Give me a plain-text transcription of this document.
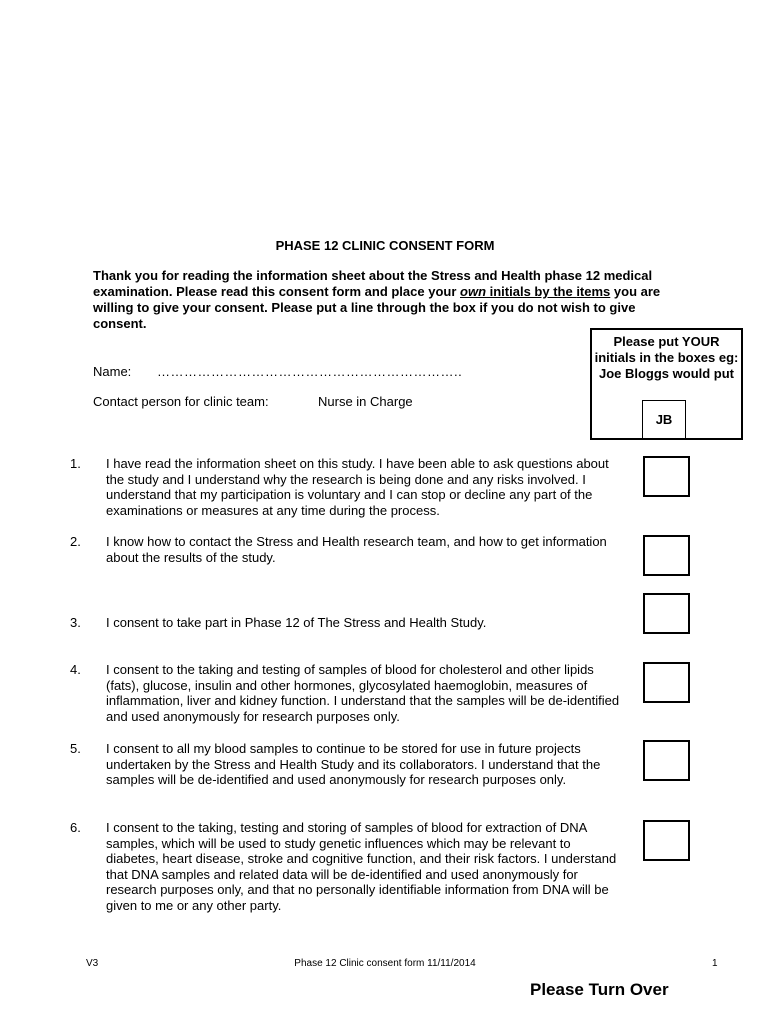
PHASE 12 CLINIC CONSENT FORM
Thank you for reading the information sheet about the Stress and Health phase 12 medical examination. Please read this consent form and place your own initials by the items you are willing to give your consent. Please put a line through the box if you do not wish to give consent.
Name: …………………………………………………………..
Contact person for clinic team:	Nurse in Charge
Please put YOUR initials in the boxes eg: Joe Bloggs would put
JB
1. I have read the information sheet on this study. I have been able to ask questions about the study and I understand why the research is being done and any risks involved. I understand that my participation is voluntary and I can stop or decline any part of the examinations or measures at any time during the process.
2. I know how to contact the Stress and Health research team, and how to get information about the results of the study.
3. I consent to take part in Phase 12 of The Stress and Health Study.
4. I consent to the taking and testing of samples of blood for cholesterol and other lipids (fats), glucose, insulin and other hormones, glycosylated haemoglobin, measures of inflammation, liver and kidney function. I understand that the samples will be de-identified and used anonymously for research purposes only.
5. I consent to all my blood samples to continue to be stored for use in future projects undertaken by the Stress and Health Study and its collaborators. I understand that the samples will be de-identified and used anonymously for research purposes only.
6. I consent to the taking, testing and storing of samples of blood for extraction of DNA samples, which will be used to study genetic influences which may be relevant to diabetes, heart disease, stroke and cognitive function, and their risk factors. I understand that DNA samples and related data will be de-identified and used anonymously for research purposes only, and that no personally identifiable information from DNA will be given to me or any other party.
V3	Phase 12 Clinic consent form 11/11/2014	1
Please Turn Over
